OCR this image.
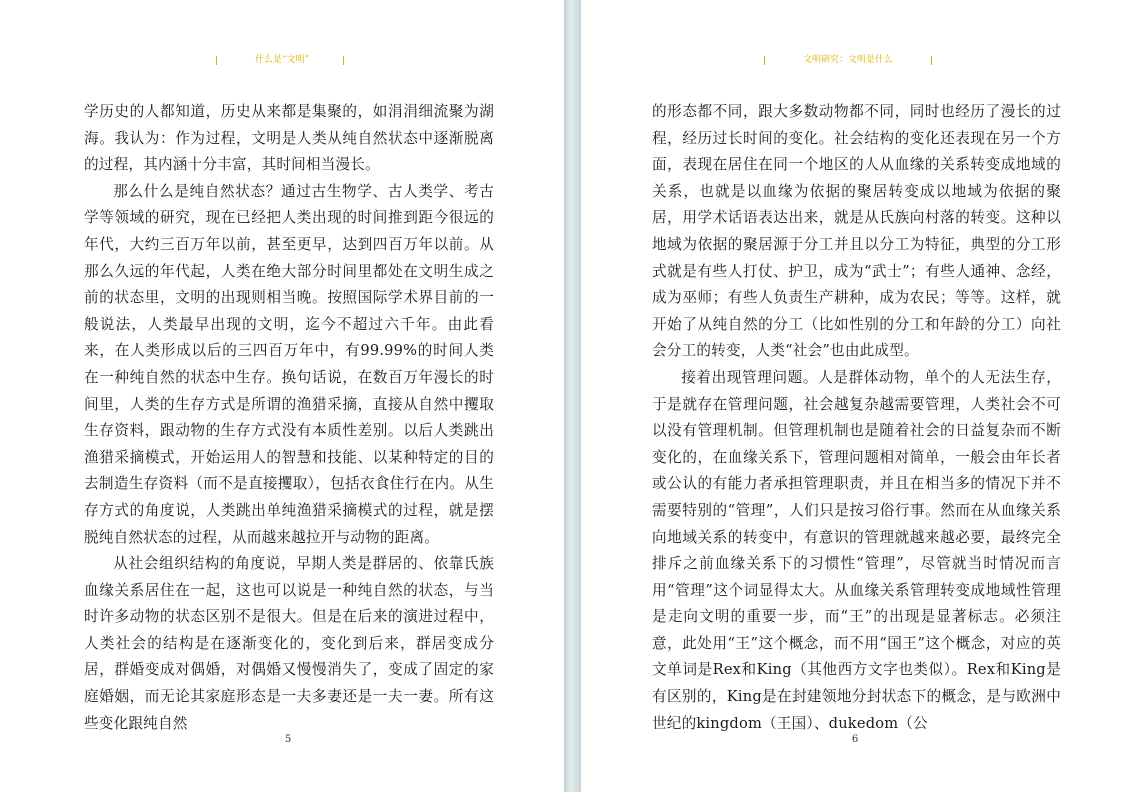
什么是“文明”

学历史的人都知道，历史从来都是集聚的，如涓涓细流聚为湖海。我认为：作为过程，文明是人类从纯自然状态中逐渐脱离的过程，其内涵十分丰富，其时间相当漫长。

那么什么是纯自然状态？通过古生物学、古人类学、考古学等领域的研究，现在已经把人类出现的时间推到距今很远的年代，大约三百万年以前，甚至更早，达到四百万年以前。从那么久远的年代起，人类在绝大部分时间里都处在文明生成之前的状态里，文明的出现则相当晚。按照国际学术界目前的一般说法，人类最早出现的文明，迄今不超过六千年。由此看来，在人类形成以后的三四百万年中，有99.99%的时间人类在一种纯自然的状态中生存。换句话说，在数百万年漫长的时间里，人类的生存方式是所谓的渔猎采摘，直接从自然中攫取生存资料，跟动物的生存方式没有本质性差别。以后人类跳出渔猎采摘模式，开始运用人的智慧和技能、以某种特定的目的去制造生存资料（而不是直接攫取），包括衣食住行在内。从生存方式的角度说，人类跳出单纯渔猎采摘模式的过程，就是摆脱纯自然状态的过程，从而越来越拉开与动物的距离。

从社会组织结构的角度说，早期人类是群居的、依靠氏族血缘关系居住在一起，这也可以说是一种纯自然的状态，与当时许多动物的状态区别不是很大。但是在后来的演进过程中，人类社会的结构是在逐渐变化的，变化到后来，群居变成分居，群婚变成对偶婚，对偶婚又慢慢消失了，变成了固定的家庭婚姻，而无论其家庭形态是一夫多妻还是一夫一妻。所有这些变化跟纯自然

5
文明研究：文明是什么

的形态都不同，跟大多数动物都不同，同时也经历了漫长的过程，经历过长时间的变化。社会结构的变化还表现在另一个方面，表现在居住在同一个地区的人从血缘的关系转变成地域的关系，也就是以血缘为依据的聚居转变成以地域为依据的聚居，用学术话语表达出来，就是从氏族向村落的转变。这种以地域为依据的聚居源于分工并且以分工为特征，典型的分工形式就是有些人打仗、护卫，成为“武士”；有些人通神、念经，成为巫师；有些人负责生产耕种，成为农民；等等。这样，就开始了从纯自然的分工（比如性别的分工和年龄的分工）向社会分工的转变，人类“社会”也由此成型。

接着出现管理问题。人是群体动物，单个的人无法生存，于是就存在管理问题，社会越复杂越需要管理，人类社会不可以没有管理机制。但管理机制也是随着社会的日益复杂而不断变化的，在血缘关系下，管理问题相对简单，一般会由年长者或公认的有能力者承担管理职责，并且在相当多的情况下并不需要特别的“管理”，人们只是按习俗行事。然而在从血缘关系向地域关系的转变中，有意识的管理就越来越必要，最终完全排斥之前血缘关系下的习惯性“管理”，尽管就当时情况而言用“管理”这个词显得太大。从血缘关系管理转变成地域性管理是走向文明的重要一步，而“王”的出现是显著标志。必须注意，此处用“王”这个概念，而不用“国王”这个概念，对应的英文单词是Rex和King（其他西方文字也类似）。Rex和King是有区别的，King是在封建领地分封状态下的概念，是与欧洲中世纪的kingdom（王国）、dukedom（公

6
